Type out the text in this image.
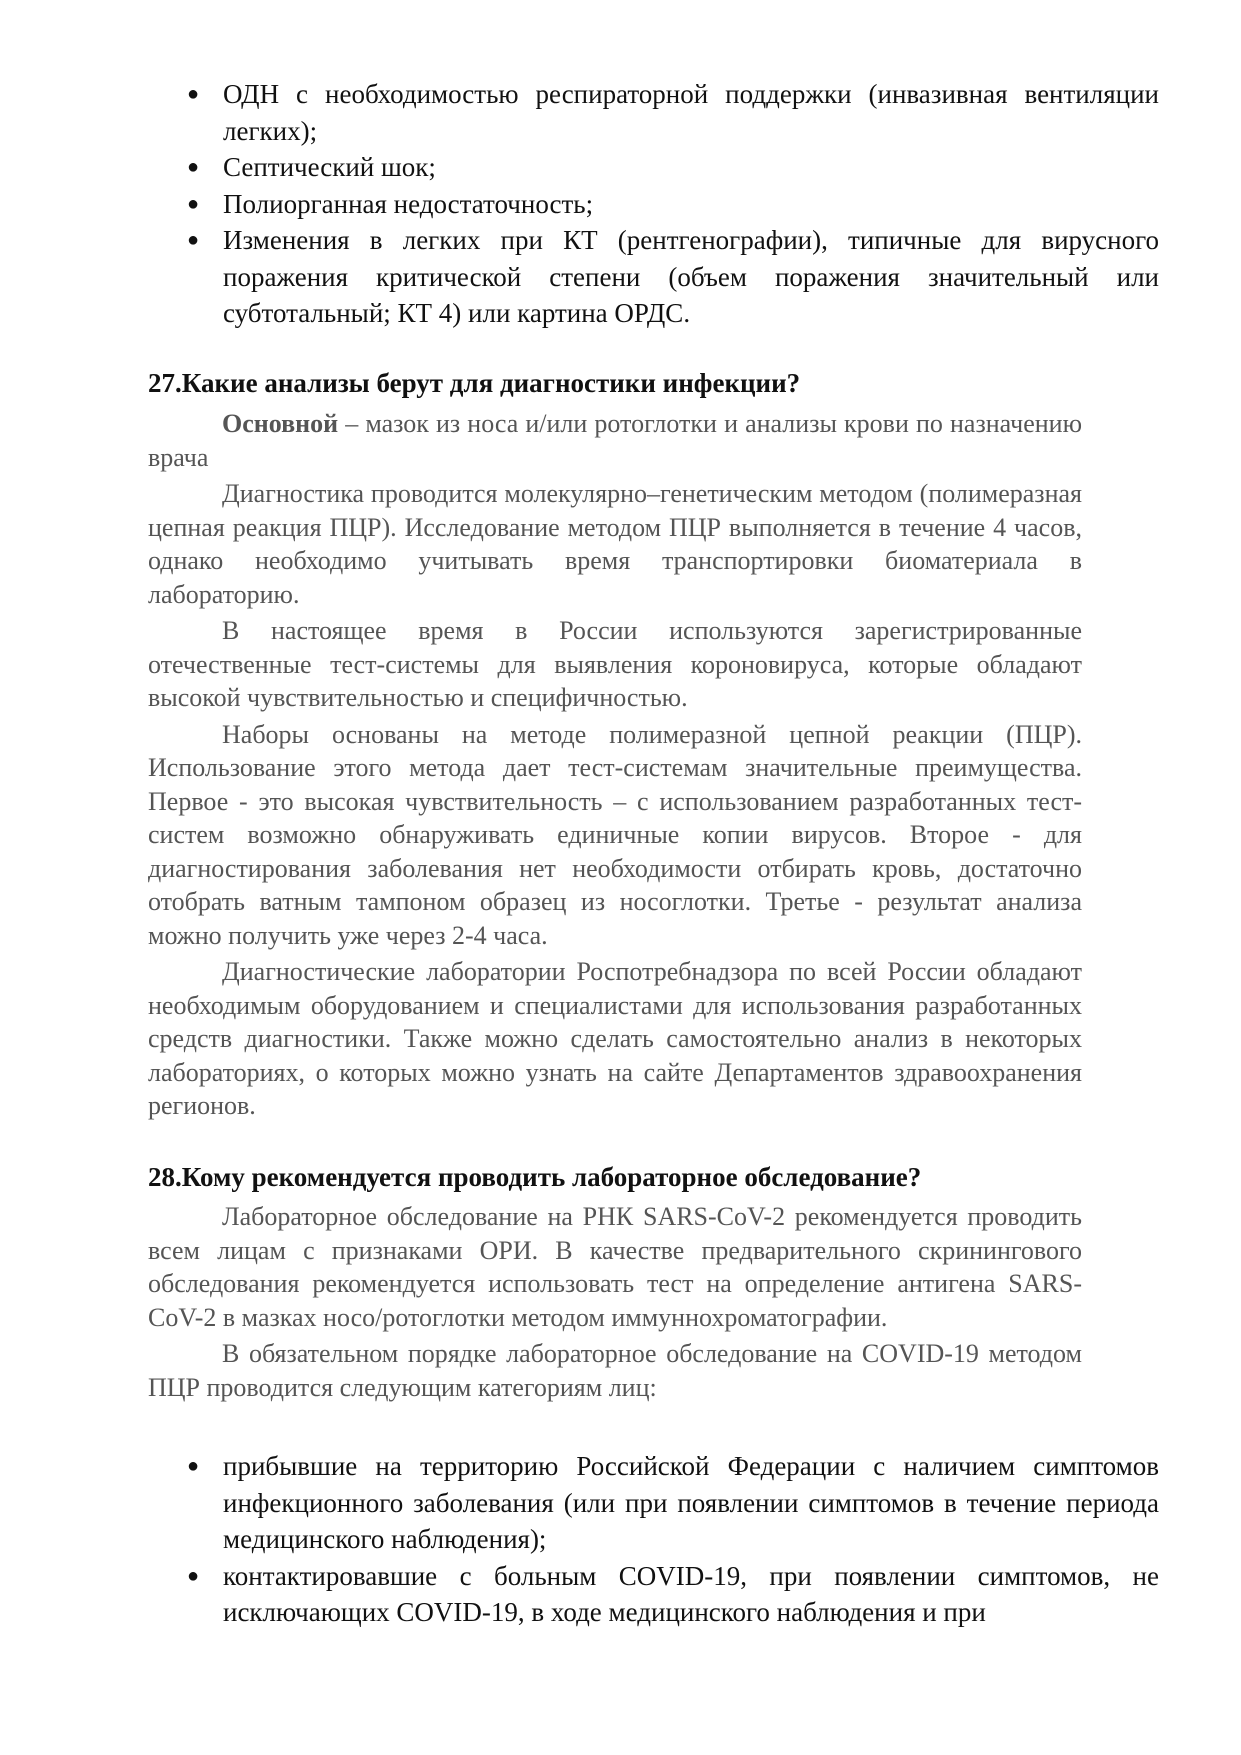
● ОДН с необходимостью респираторной поддержки (инвазивная вентиляции легких);
● Септический шок;
● Полиорганная недостаточность;
● Изменения в легких при КТ (рентгенографии), типичные для вирусного поражения критической степени (объем поражения значительный или субтотальный; КТ 4) или картина ОРДС.
27.Какие анализы берут для диагностики инфекции?

Основной – мазок из носа и/или ротоглотки и анализы крови по назначению врача

Диагностика проводится молекулярно–генетическим методом (полимеразная цепная реакция ПЦР). Исследование методом ПЦР выполняется в течение 4 часов, однако необходимо учитывать время транспортировки биоматериала в лабораторию.

В настоящее время в России используются зарегистрированные отечественные тест-системы для выявления короновируса, которые обладают высокой чувствительностью и специфичностью.

Наборы основаны на методе полимеразной цепной реакции (ПЦР). Использование этого метода дает тест-системам значительные преимущества. Первое - это высокая чувствительность – с использованием разработанных тест-систем возможно обнаруживать единичные копии вирусов. Второе - для диагностирования заболевания нет необходимости отбирать кровь, достаточно отобрать ватным тампоном образец из носоглотки. Третье - результат анализа можно получить уже через 2-4 часа.

Диагностические лаборатории Роспотребнадзора по всей России обладают необходимым оборудованием и специалистами для использования разработанных средств диагностики. Также можно сделать самостоятельно анализ в некоторых лабораториях, о которых можно узнать на сайте Департаментов здравоохранения регионов.

28.Кому рекомендуется проводить лабораторное обследование?

Лабораторное обследование на РНК SARS-CoV-2 рекомендуется проводить всем лицам с признаками ОРИ. В качестве предварительного скринингового обследования рекомендуется использовать тест на определение антигена SARS-CoV-2 в мазках носо/ротоглотки методом иммуннохроматографии.

В обязательном порядке лабораторное обследование на COVID-19 методом ПЦР проводится следующим категориям лиц:

● прибывшие на территорию Российской Федерации с наличием симптомов инфекционного заболевания (или при появлении симптомов в течение периода медицинского наблюдения);
● контактировавшие с больным COVID-19, при появлении симптомов, не исключающих COVID-19, в ходе медицинского наблюдения и при
